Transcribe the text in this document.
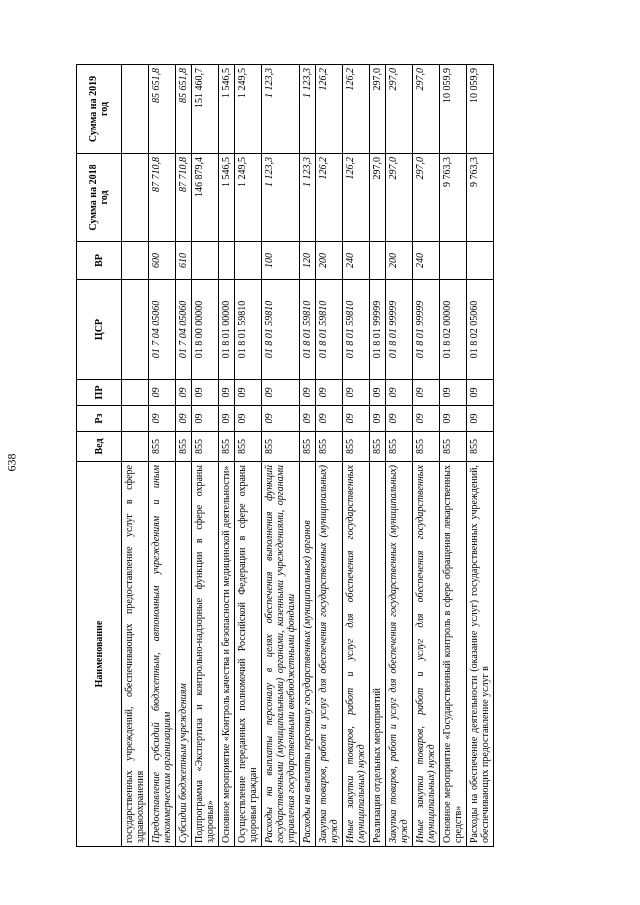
638
Наименование	Вед	Рз	ПР	ЦСР	ВР	Сумма на 2018 год	Сумма на 2019 год
государственных учреждений, обеспечивающих предоставление услуг в сфере здравоохранения							
Предоставление субсидий бюджетным, автономным учреждениям и иным некоммерческим организациям	855	09	09	01 7 04 05060	600	87 710,8	85 651,8
Субсидии бюджетным учреждениям	855	09	09	01 7 04 05060	610	87 710,8	85 651,8
Подпрограмма «Экспертиза и контрольно-надзорные функции в сфере охраны здоровья»	855	09	09	01 8 00 00000		146 879,4	151 460,7
Основное мероприятие «Контроль качества и безопасности медицинской деятельности»	855	09	09	01 8 01 00000		1 546,5	1 546,5
Осуществление переданных полномочий Российской Федерации в сфере охраны здоровья граждан	855	09	09	01 8 01 59810		1 249,5	1 249,5
Расходы на выплаты персоналу в целях обеспечения выполнения функций государственными (муниципальными) органами, казенными учреждениями, органами управления государственными внебюджетными фондами	855	09	09	01 8 01 59810	100	1 123,3	1 123,3
Расходы на выплаты персоналу государственных (муниципальных) органов	855	09	09	01 8 01 59810	120	1 123,3	1 123,3
Закупка товаров, работ и услуг для обеспечения государственных (муниципальных) нужд	855	09	09	01 8 01 59810	200	126,2	126,2
Иные закупки товаров, работ и услуг для обеспечения государственных (муниципальных) нужд	855	09	09	01 8 01 59810	240	126,2	126,2
Реализация отдельных мероприятий	855	09	09	01 8 01 99999		297,0	297,0
Закупка товаров, работ и услуг для обеспечения государственных (муниципальных) нужд	855	09	09	01 8 01 99999	200	297,0	297,0
Иные закупки товаров, работ и услуг для обеспечения государственных (муниципальных) нужд	855	09	09	01 8 01 99999	240	297,0	297,0
Основное мероприятие «Государственный контроль в сфере обращения лекарственных средств»	855	09	09	01 8 02 00000		9 763,3	10 059,9
Расходы на обеспечение деятельности (оказание услуг) государственных учреждений, обеспечивающих предоставление услуг в	855	09	09	01 8 02 05060		9 763,3	10 059,9
